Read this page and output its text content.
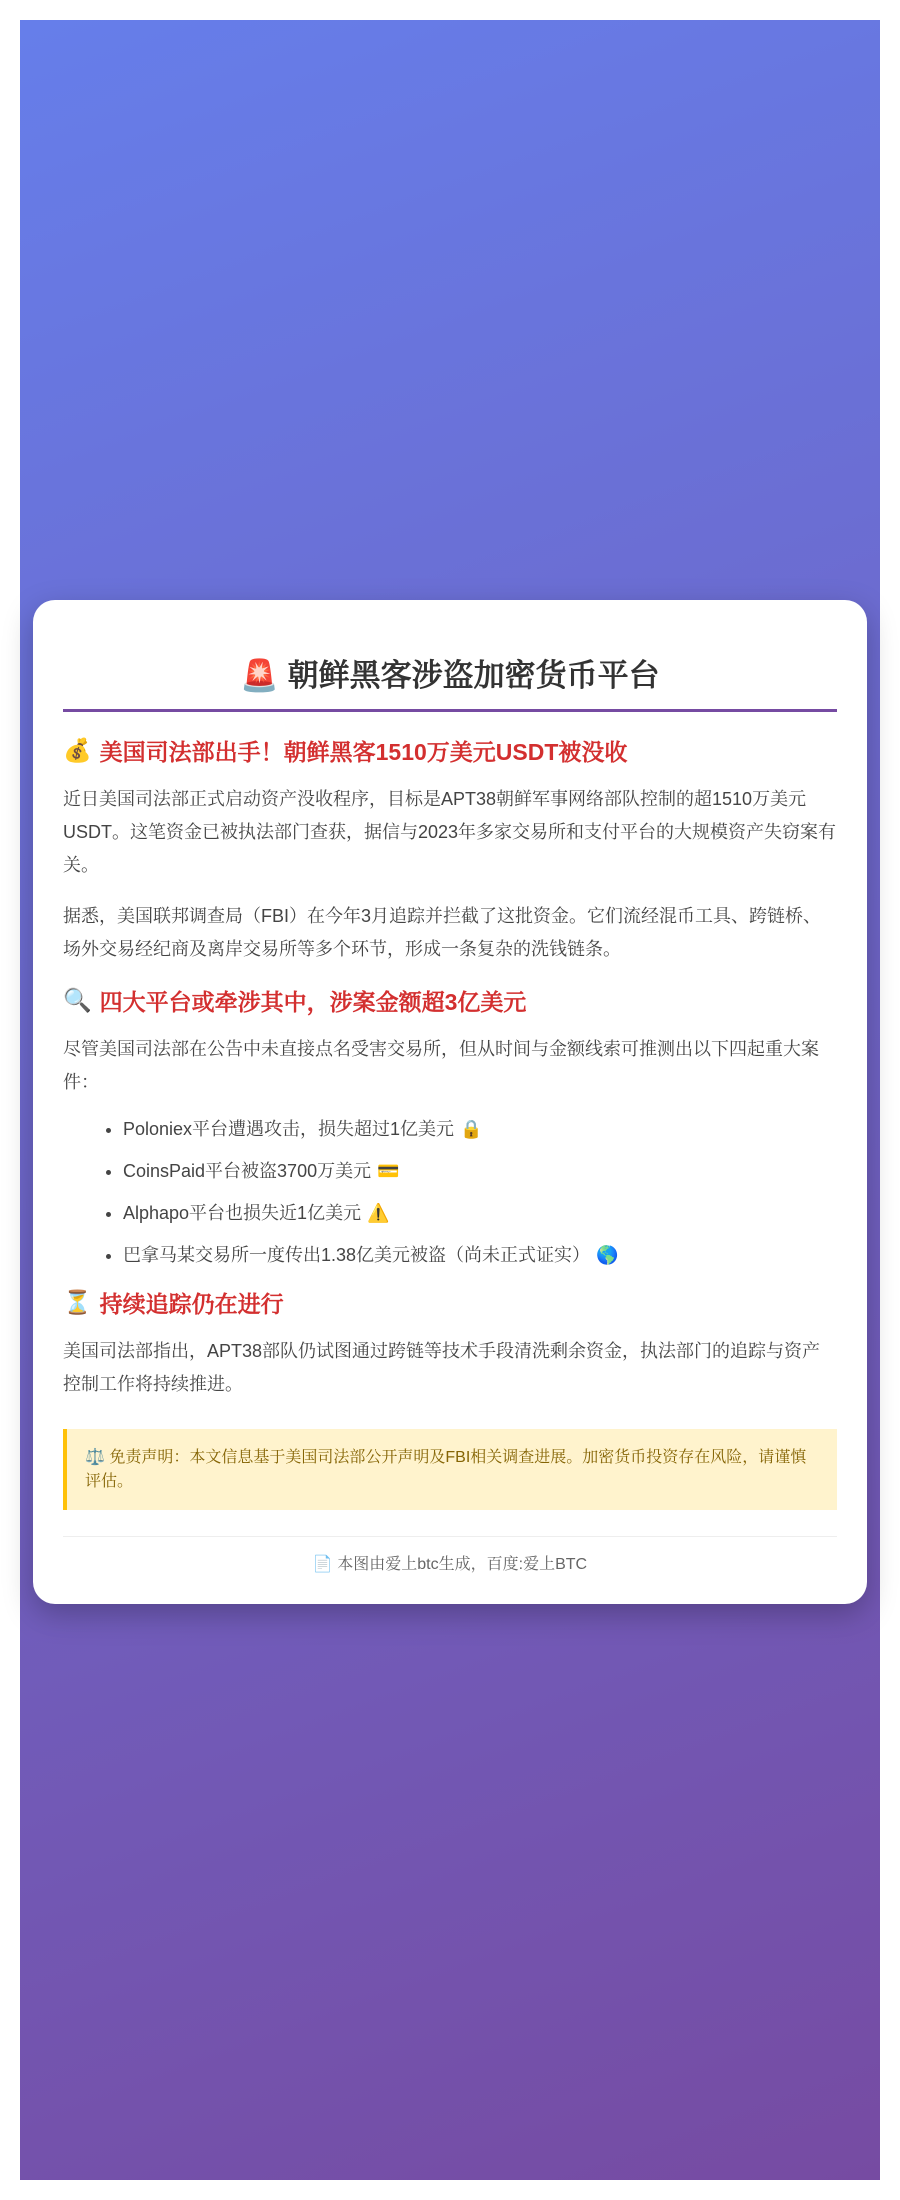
🚨 朝鲜黑客涉盗加密货币平台
💰 美国司法部出手！朝鲜黑客1510万美元USDT被没收

近日美国司法部正式启动资产没收程序，目标是APT38朝鲜军事网络部队控制的超1510万美元USDT。这笔资金已被执法部门查获，据信与2023年多家交易所和支付平台的大规模资产失窃案有关。

据悉，美国联邦调查局（FBI）在今年3月追踪并拦截了这批资金。它们流经混币工具、跨链桥、场外交易经纪商及离岸交易所等多个环节，形成一条复杂的洗钱链条。

🔍 四大平台或牵涉其中，涉案金额超3亿美元

尽管美国司法部在公告中未直接点名受害交易所，但从时间与金额线索可推测出以下四起重大案件：

• Poloniex平台遭遇攻击，损失超过1亿美元 🔒
• CoinsPaid平台被盗3700万美元 💳
• Alphapo平台也损失近1亿美元 ⚠️
• 巴拿马某交易所一度传出1.38亿美元被盗（尚未正式证实） 🌎
⏳ 持续追踪仍在进行

美国司法部指出，APT38部队仍试图通过跨链等技术手段清洗剩余资金，执法部门的追踪与资产控制工作将持续推进。

⚖️ 免责声明：本文信息基于美国司法部公开声明及FBI相关调查进展。加密货币投资存在风险，请谨慎评估。
📄 本图由爱上btc生成，百度:爱上BTC
